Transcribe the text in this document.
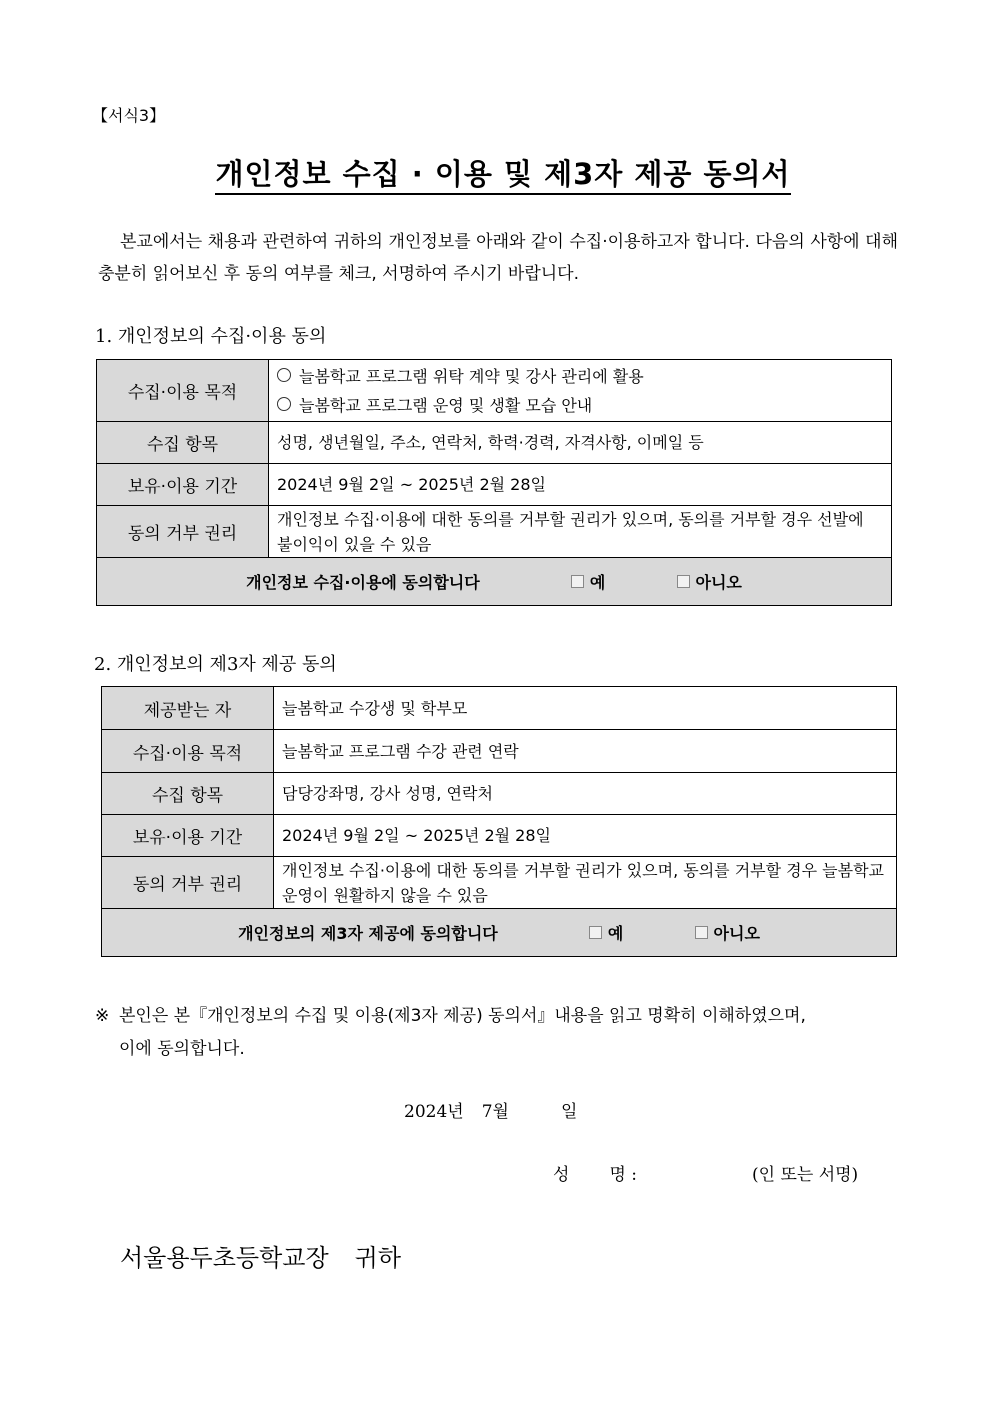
【서식3】
개인정보 수집 · 이용 및 제3자 제공 동의서
본교에서는 채용과 관련하여 귀하의 개인정보를 아래와 같이 수집·이용하고자 합니다. 다음의 사항에 대해 충분히 읽어보신 후 동의 여부를 체크, 서명하여 주시기 바랍니다.
1. 개인정보의 수집·이용 동의
수집·이용 목적	늘봄학교 프로그램 위탁 계약 및 강사 관리에 활용
늘봄학교 프로그램 운영 및 생활 모습 안내

수집 항목	성명, 생년월일, 주소, 연락처, 학력·경력, 자격사항, 이메일 등
보유·이용 기간	2024년 9월 2일 ~ 2025년 2월 28일
동의 거부 권리	개인정보 수집·이용에 대한 동의를 거부할 권리가 있으며, 동의를 거부할 경우 선발에 불이익이 있을 수 있음
개인정보 수집·이용에 동의합니다 예 아니오	
2. 개인정보의 제3자 제공 동의
제공받는 자	늘봄학교 수강생 및 학부모
수집·이용 목적	늘봄학교 프로그램 수강 관련 연락
수집 항목	담당강좌명, 강사 성명, 연락처
보유·이용 기간	2024년 9월 2일 ~ 2025년 2월 28일
동의 거부 권리	개인정보 수집·이용에 대한 동의를 거부할 권리가 있으며, 동의를 거부할 경우 늘봄학교 운영이 원활하지 않을 수 있음
개인정보의 제3자 제공에 동의합니다 예 아니오	
※ 본인은 본『개인정보의 수집 및 이용(제3자 제공) 동의서』내용을 읽고 명확히 이해하였으며,
이에 동의합니다.
2024년 7월	일
성 명 :	(인 또는 서명)
서울용두초등학교장 귀하
